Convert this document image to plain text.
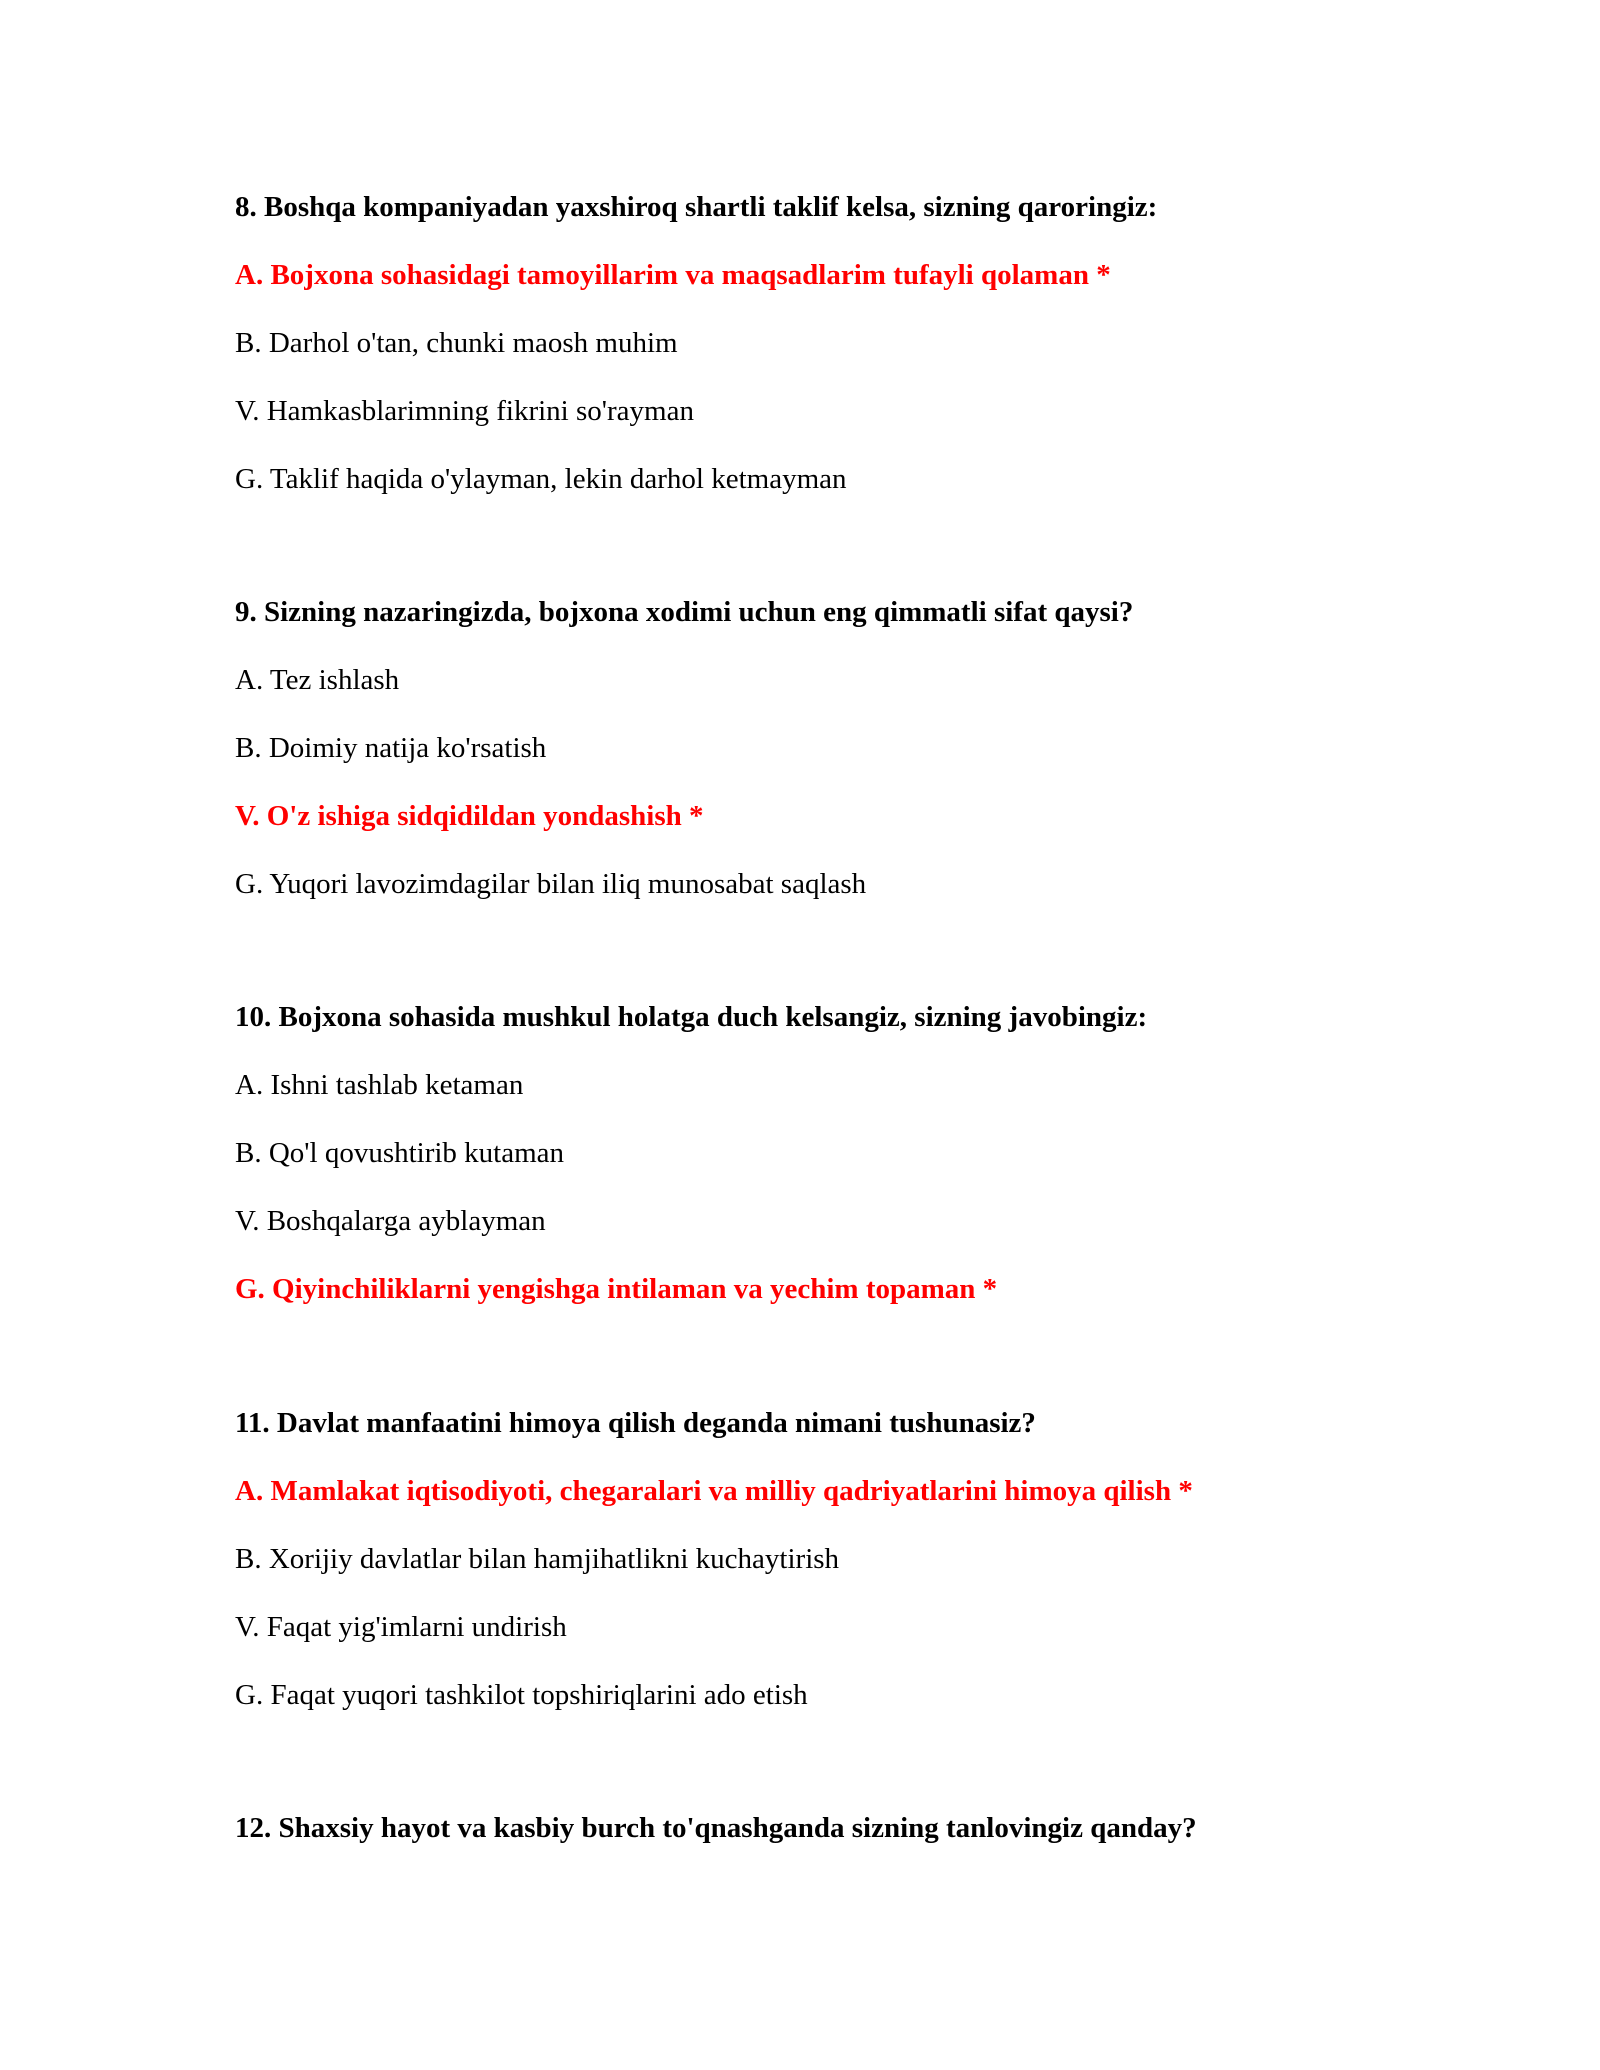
8. Boshqa kompaniyadan yaxshiroq shartli taklif kelsa, sizning qaroringiz:

A. Bojxona sohasidagi tamoyillarim va maqsadlarim tufayli qolaman *

B. Darhol o'tan, chunki maosh muhim

V. Hamkasblarimning fikrini so'rayman

G. Taklif haqida o'ylayman, lekin darhol ketmayman

9. Sizning nazaringizda, bojxona xodimi uchun eng qimmatli sifat qaysi?

A. Tez ishlash

B. Doimiy natija ko'rsatish

V. O'z ishiga sidqidildan yondashish *

G. Yuqori lavozimdagilar bilan iliq munosabat saqlash

10. Bojxona sohasida mushkul holatga duch kelsangiz, sizning javobingiz:

A. Ishni tashlab ketaman

B. Qo'l qovushtirib kutaman

V. Boshqalarga ayblayman

G. Qiyinchiliklarni yengishga intilaman va yechim topaman *

11. Davlat manfaatini himoya qilish deganda nimani tushunasiz?

A. Mamlakat iqtisodiyoti, chegaralari va milliy qadriyatlarini himoya qilish *

B. Xorijiy davlatlar bilan hamjihatlikni kuchaytirish

V. Faqat yig'imlarni undirish

G. Faqat yuqori tashkilot topshiriqlarini ado etish

12. Shaxsiy hayot va kasbiy burch to'qnashganda sizning tanlovingiz qanday?
